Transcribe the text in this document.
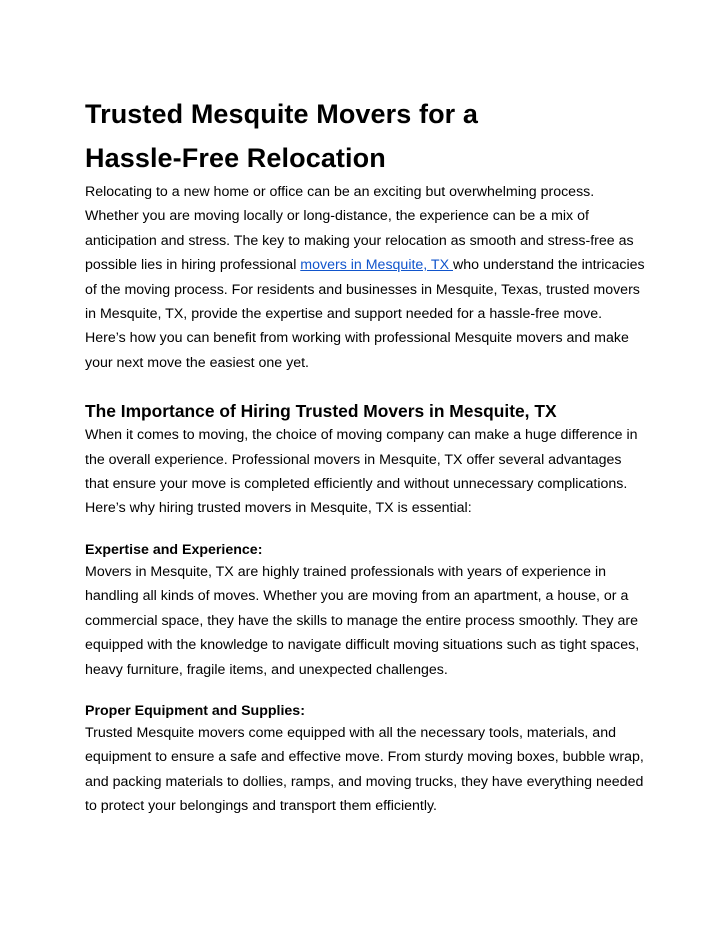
Trusted Mesquite Movers for a
Hassle-Free Relocation

Relocating to a new home or office can be an exciting but overwhelming process. Whether you are moving locally or long-distance, the experience can be a mix of anticipation and stress. The key to making your relocation as smooth and stress-free as possible lies in hiring professional movers in Mesquite, TX who understand the intricacies of the moving process. For residents and businesses in Mesquite, Texas, trusted movers in Mesquite, TX, provide the expertise and support needed for a hassle-free move. Here’s how you can benefit from working with professional Mesquite movers and make your next move the easiest one yet.

The Importance of Hiring Trusted Movers in Mesquite, TX

When it comes to moving, the choice of moving company can make a huge difference in the overall experience. Professional movers in Mesquite, TX offer several advantages that ensure your move is completed efficiently and without unnecessary complications. Here’s why hiring trusted movers in Mesquite, TX is essential:

Expertise and Experience:

Movers in Mesquite, TX are highly trained professionals with years of experience in handling all kinds of moves. Whether you are moving from an apartment, a house, or a commercial space, they have the skills to manage the entire process smoothly. They are equipped with the knowledge to navigate difficult moving situations such as tight spaces, heavy furniture, fragile items, and unexpected challenges.

Proper Equipment and Supplies:

Trusted Mesquite movers come equipped with all the necessary tools, materials, and equipment to ensure a safe and effective move. From sturdy moving boxes, bubble wrap, and packing materials to dollies, ramps, and moving trucks, they have everything needed to protect your belongings and transport them efficiently.
